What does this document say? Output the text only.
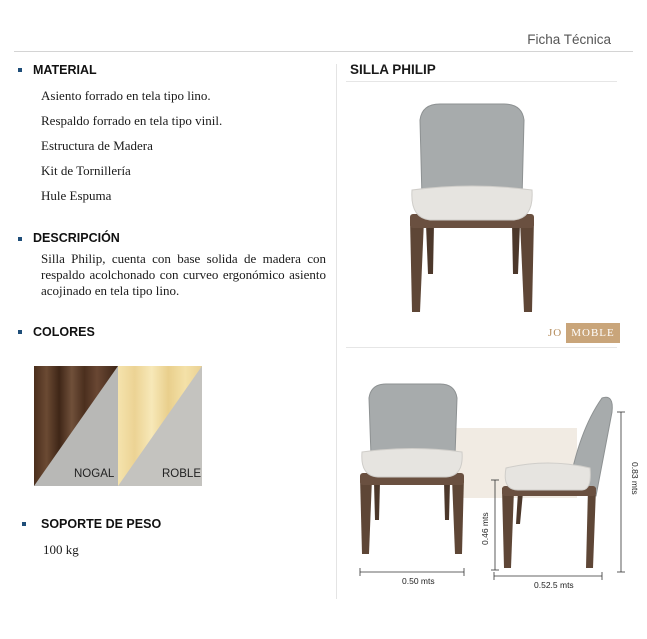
Ficha Técnica
MATERIAL
Asiento forrado en tela tipo lino.
Respaldo forrado en tela tipo vinil.
Estructura de Madera
Kit de Tornillería
Hule Espuma
DESCRIPCIÓN
Silla Philip, cuenta con base solida de madera con respaldo acolchonado con curveo ergonómico asiento acojinado en tela tipo lino.
COLORES
NOGAL	ROBLE
SOPORTE DE PESO
100 kg
SILLA PHILIP
JO MOBLE
0.50 mts	0.52.5 mts
0.46 mts
0.83 mts
